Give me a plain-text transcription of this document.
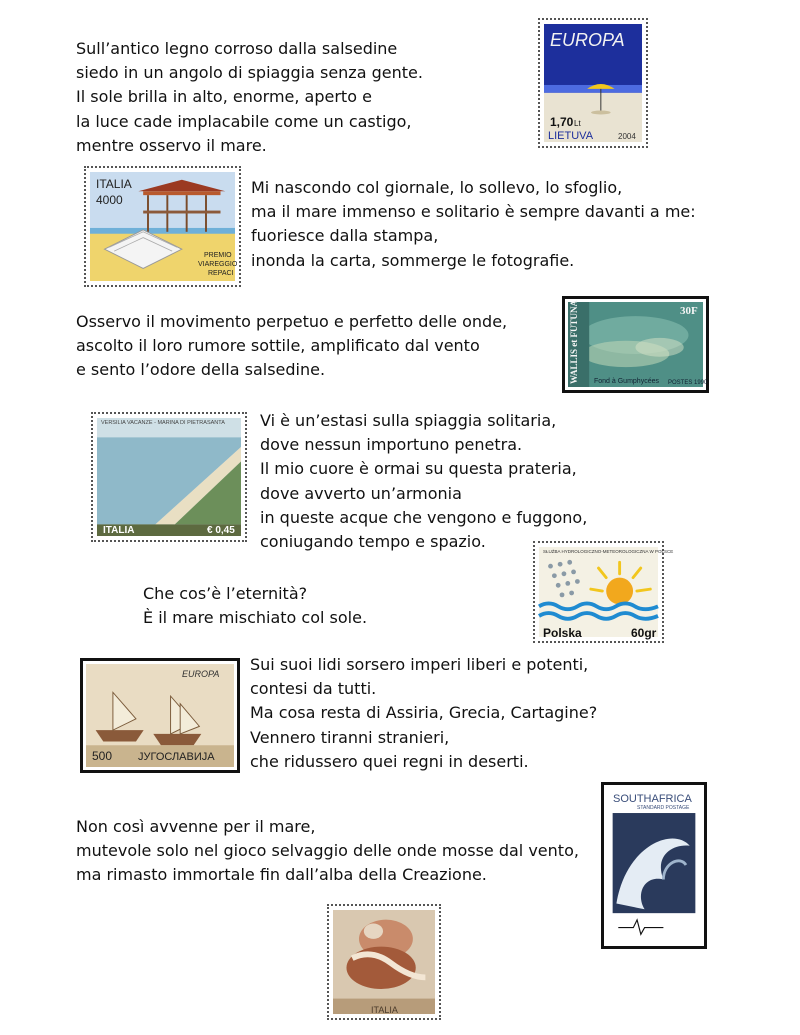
Sull’antico legno corroso dalla salsedine
siedo in un angolo di spiaggia senza gente.
Il sole brilla in alto, enorme, aperto e
la luce cade implacabile come un castigo,
mentre osservo il mare.
Mi nascondo col giornale, lo sollevo, lo sfoglio,
ma il mare immenso e solitario è sempre davanti a me:
fuoriesce dalla stampa,
inonda la carta, sommerge le fotografie.
Osservo il movimento perpetuo e perfetto delle onde,
ascolto il loro rumore sottile, amplificato dal vento
e sento l’odore della salsedine.
Vi è un’estasi sulla spiaggia solitaria,
dove nessun importuno penetra.
Il mio cuore è ormai su questa prateria,
dove avverto un’armonia
in queste acque che vengono e fuggono,
coniugando tempo e spazio.
Che cos’è l’eternità?
È il mare mischiato col sole.
Sui suoi lidi sorsero imperi liberi e potenti,
contesi da tutti.
Ma cosa resta di Assiria, Grecia, Cartagine?
Vennero tiranni stranieri,
che ridussero quei regni in deserti.
Non così avvenne per il mare,
mutevole solo nel gioco selvaggio delle onde mosse dal vento,
ma rimasto immortale fin dall’alba della Creazione.
EUROPA
1,70 Lt
LIETUVA	2004
ITALIA
4000
PREMIO
VIAREGGIO
REPACI
WALLIS et FUTUNA	30F
Fond à Gumphycées POSTES 1990
VERSILIA VACANZE - MARINA DI PIETRASANTA
ITALIA	€ 0,45
SŁUŻBA HYDROLOGICZNO-METEOROLOGICZNA W POLSCE
Polska	60gr
EUROPA
500 ЈУГОСЛАВИЈА
SOUTHAFRICA
STANDARD POSTAGE
ITALIA
